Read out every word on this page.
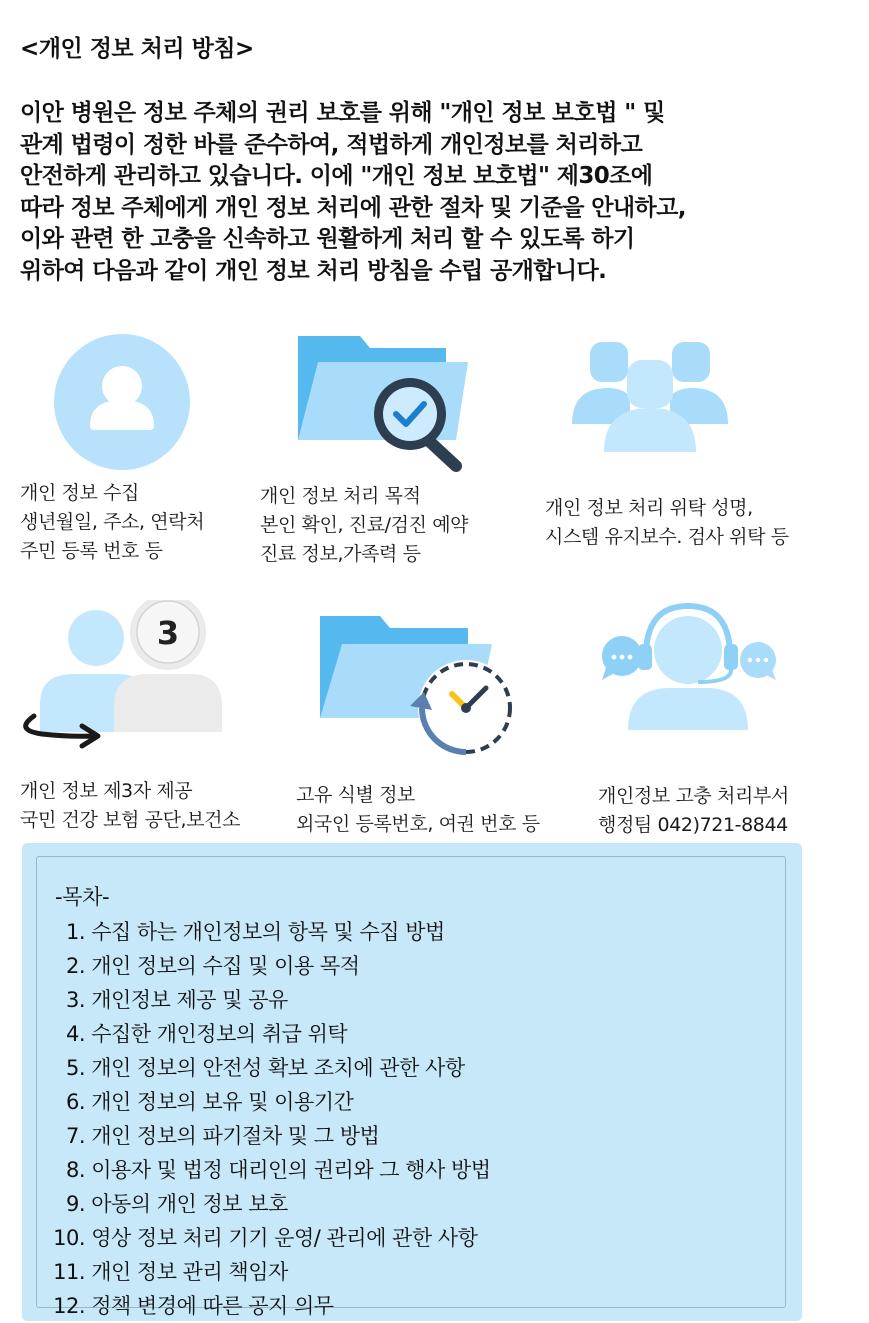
<개인 정보 처리 방침>
이안 병원은 정보 주체의 권리 보호를 위해 "개인 정보 보호법 " 및
관계 법령이 정한 바를 준수하여, 적법하게 개인정보를 처리하고
안전하게 관리하고 있습니다. 이에 "개인 정보 보호법" 제30조에
따라 정보 주체에게 개인 정보 처리에 관한 절차 및 기준을 안내하고,
이와 관련 한 고충을 신속하고 원활하게 처리 할 수 있도록 하기
위하여 다음과 같이 개인 정보 처리 방침을 수립 공개합니다.
개인 정보 수집
생년월일, 주소, 연락처
주민 등록 번호 등
개인 정보 처리 목적
본인 확인, 진료/검진 예약
진료 정보,가족력 등
개인 정보 처리 위탁 성명,
시스템 유지보수. 검사 위탁 등
3
개인 정보 제3자 제공
국민 건강 보험 공단,보건소
고유 식별 정보
외국인 등록번호, 여권 번호 등
개인정보 고충 처리부서
행정팀 042)721-8844
-목차-
1. 수집 하는 개인정보의 항목 및 수집 방법
2. 개인 정보의 수집 및 이용 목적
3. 개인정보 제공 및 공유
4. 수집한 개인정보의 취급 위탁
5. 개인 정보의 안전성 확보 조치에 관한 사항
6. 개인 정보의 보유 및 이용기간
7. 개인 정보의 파기절차 및 그 방법
8. 이용자 및 법정 대리인의 권리와 그 행사 방법
9. 아동의 개인 정보 보호
10. 영상 정보 처리 기기 운영/ 관리에 관한 사항
11. 개인 정보 관리 책임자
12. 정책 변경에 따른 공지 의무
